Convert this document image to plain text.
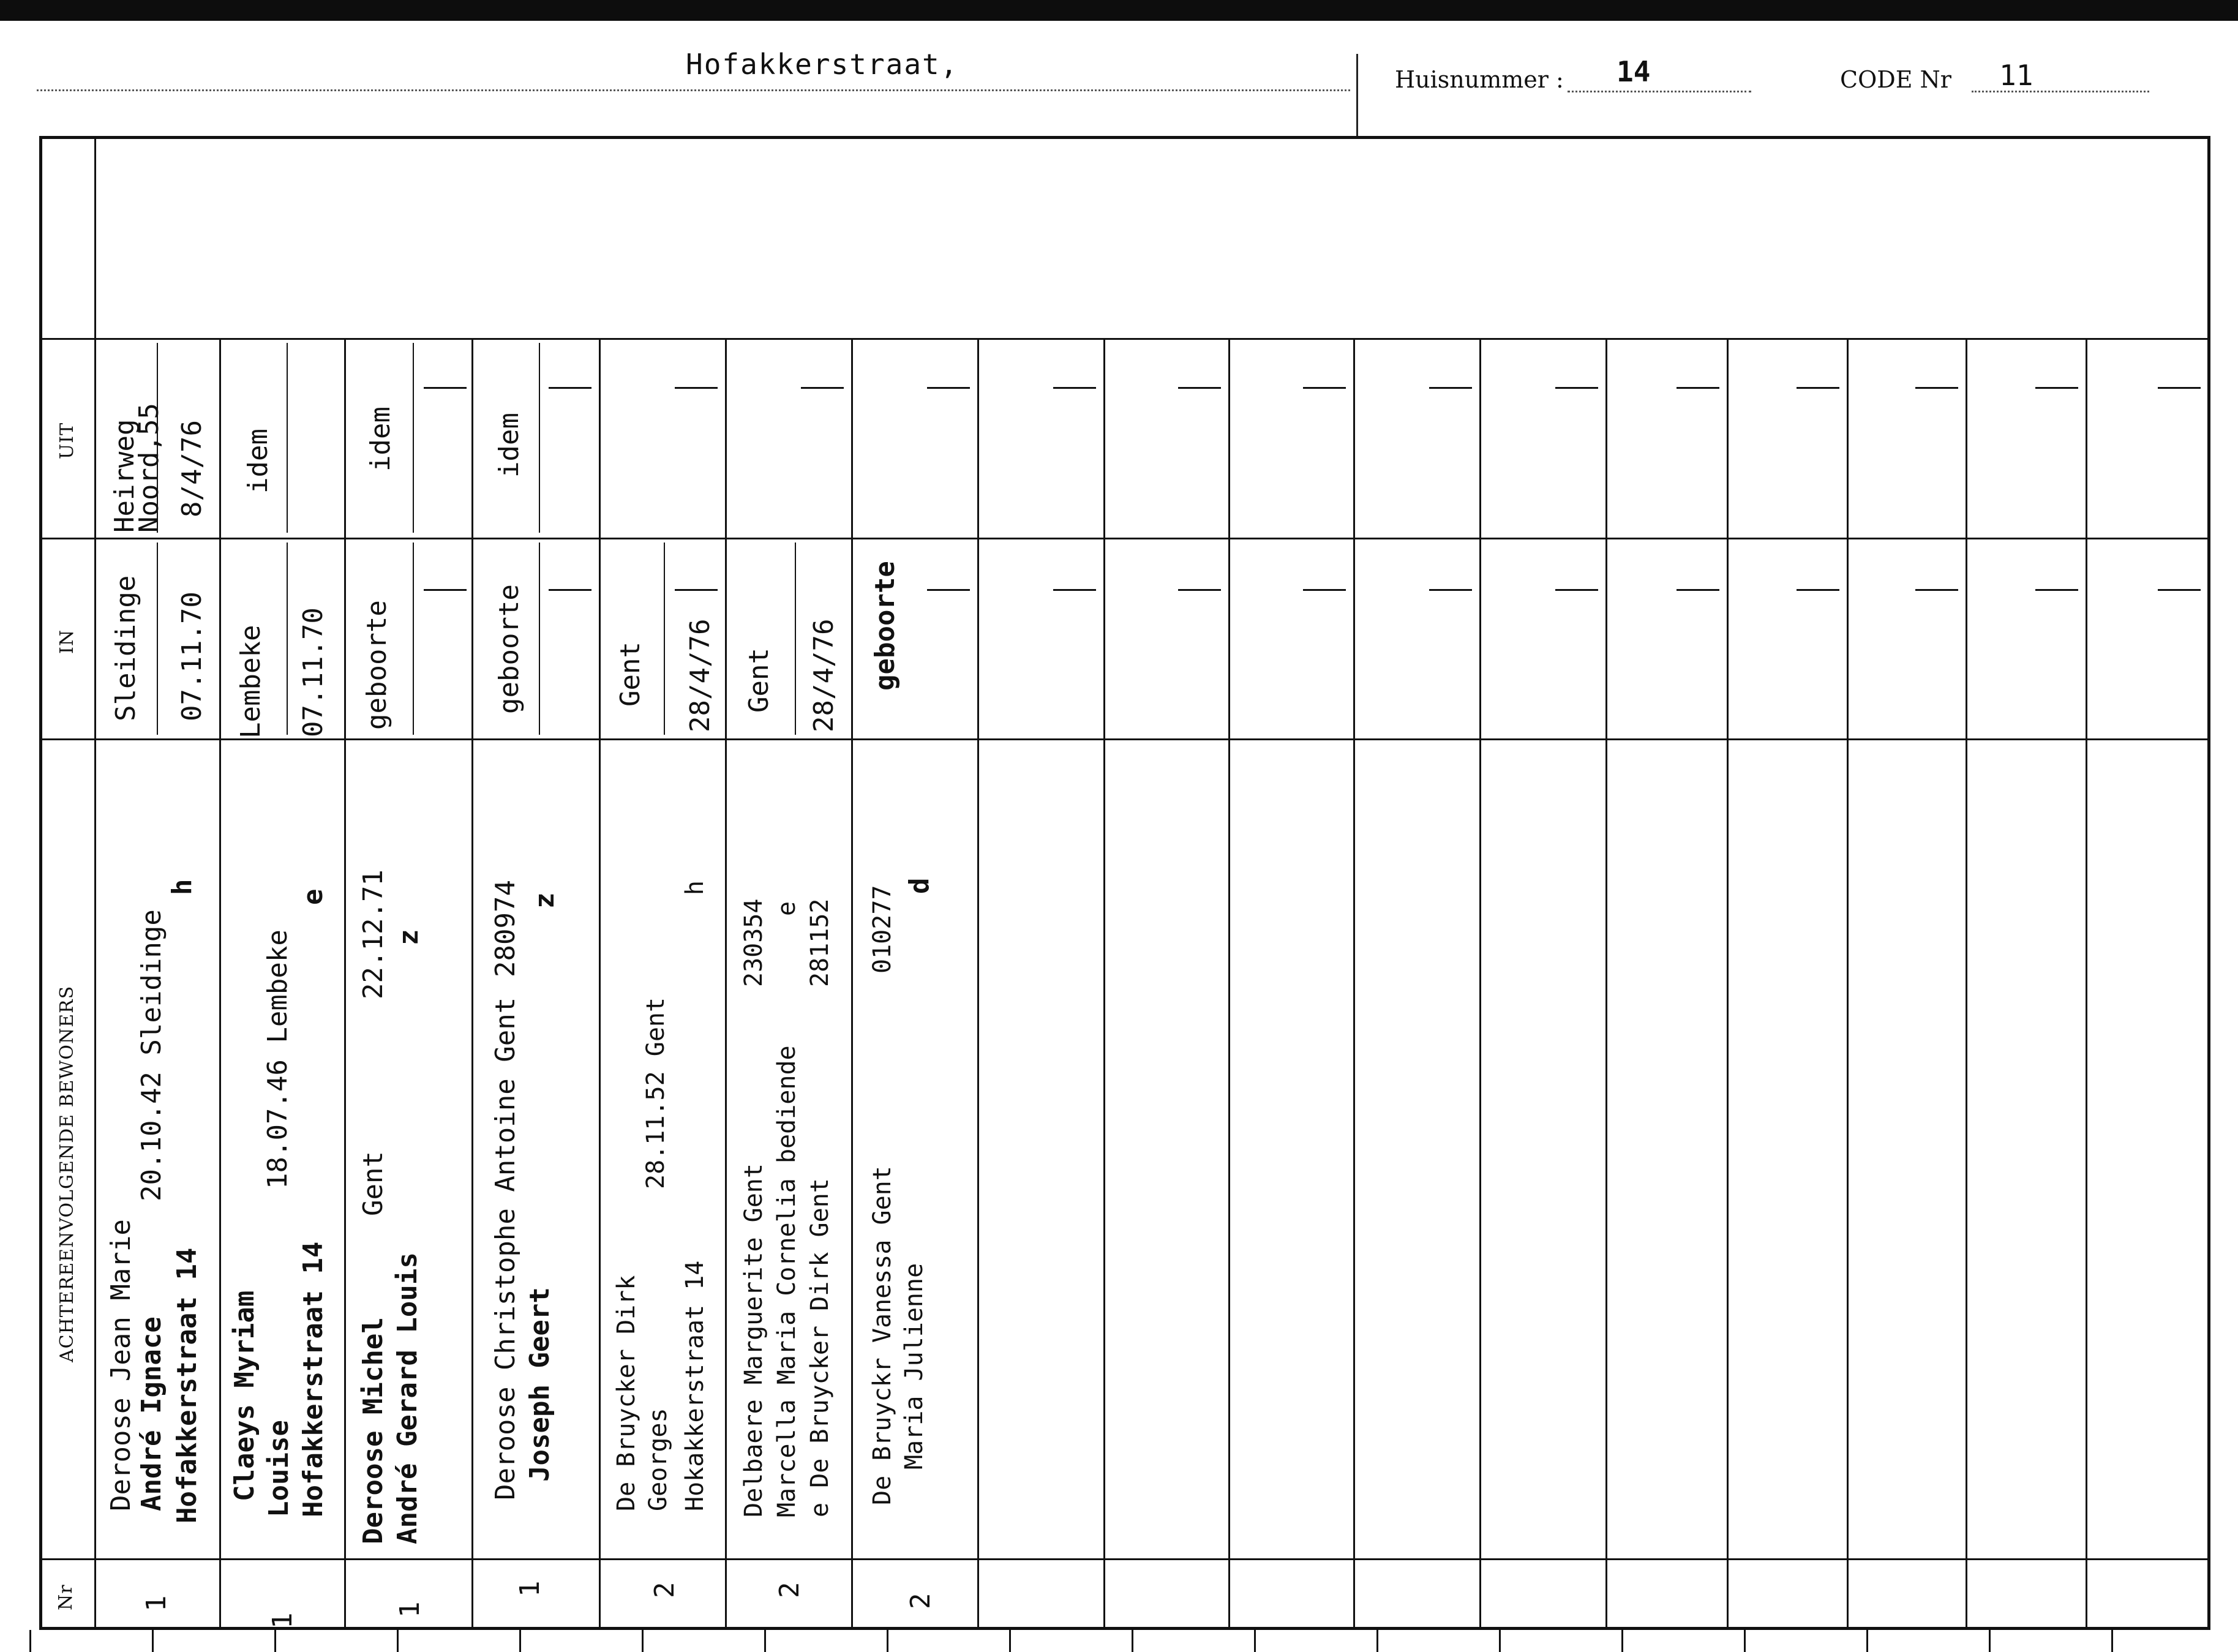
Hofakkerstraat,	Huisnummer : 14	CODE Nr 11
UIT
IN
ACHTEREENVOLGENDE BEWONERS
Nr
Heirweg
Noord,55 8/4/76
Sleidinge 07.11.70
Deroose Jean Marie André Ignace Hofakkerstraat 14
20.10.42 Sleidinge
h
1
idem
Lembeke 07.11.70
Claeys Myriam Louise Hofakkerstraat 14
18.07.46 Lembeke
e
1
idem
geboorte
Deroose Michel André Gerard Louis
Gent
22.12.71 z
1
idem
geboorte
Deroose Christophe Antoine Gent Joseph Geert
280974 z
1
Gent 28/4/76
De Bruycker Dirk Georges Hokakkerstraat 14
28.11.52 Gent
h
2
Gent 28/4/76
Delbaere Marguerite Gent Marcella Maria Cornelia bediende e De Bruycker Dirk Gent
230354 281152
e
2
geboorte
De Bruyckr Vanessa Gent Maria Julienne
010277 d
2
